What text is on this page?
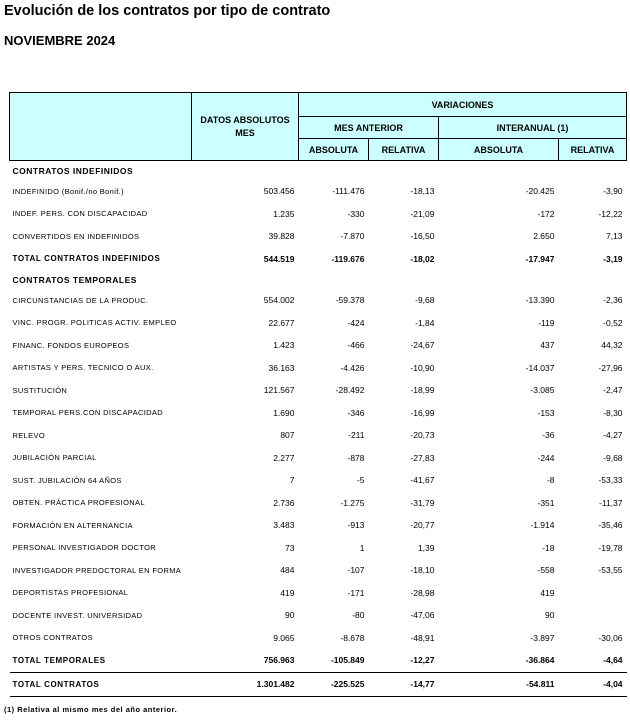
Evolución de los contratos por tipo de contrato
NOVIEMBRE 2024
	DATOS ABSOLUTOS MES	VARIACIONES			
		MES ANTERIOR		INTERANUAL (1)	
		ABSOLUTA	RELATIVA	ABSOLUTA	RELATIVA
CONTRATOS INDEFINIDOS					
INDEFINIDO (Bonif./no Bonif.)	503.456	-111.476	-18,13	-20.425	-3,90
INDEF. PERS. CON DISCAPACIDAD	1.235	-330	-21,09	-172	-12,22
CONVERTIDOS EN INDEFINIDOS	39.828	-7.870	-16,50	2.650	7,13
TOTAL CONTRATOS INDEFINIDOS	544.519	-119.676	-18,02	-17.947	-3,19
CONTRATOS TEMPORALES					
CIRCUNSTANCIAS DE LA PRODUC.	554.002	-59.378	-9,68	-13.390	-2,36
VINC. PROGR. POLITICAS ACTIV. EMPLEO	22.677	-424	-1,84	-119	-0,52
FINANC. FONDOS EUROPEOS	1.423	-466	-24,67	437	44,32
ARTISTAS Y PERS. TECNICO O AUX.	36.163	-4.426	-10,90	-14.037	-27,96
SUSTITUCIÓN	121.567	-28.492	-18,99	-3.085	-2,47
TEMPORAL PERS.CON DISCAPACIDAD	1.690	-346	-16,99	-153	-8,30
RELEVO	807	-211	-20,73	-36	-4,27
JUBILACIÓN PARCIAL	2.277	-878	-27,83	-244	-9,68
SUST. JUBILACIÓN 64 AÑOS	7	-5	-41,67	-8	-53,33
OBTEN. PRÁCTICA PROFESIONAL	2.736	-1.275	-31,79	-351	-11,37
FORMACIÓN EN ALTERNANCIA	3.483	-913	-20,77	-1.914	-35,46
PERSONAL INVESTIGADOR DOCTOR	73	1	1,39	-18	-19,78
INVESTIGADOR PREDOCTORAL EN FORMA	484	-107	-18,10	-558	-53,55
DEPORTISTAS PROFESIONAL	419	-171	-28,98	419	
DOCENTE INVEST. UNIVERSIDAD	90	-80	-47,06	90	
OTROS CONTRATOS	9.065	-8.678	-48,91	-3.897	-30,06
TOTAL TEMPORALES	756.963	-105.849	-12,27	-36.864	-4,64
TOTAL CONTRATOS	1.301.482	-225.525	-14,77	-54.811	-4,04
(1) Relativa al mismo mes del año anterior.
